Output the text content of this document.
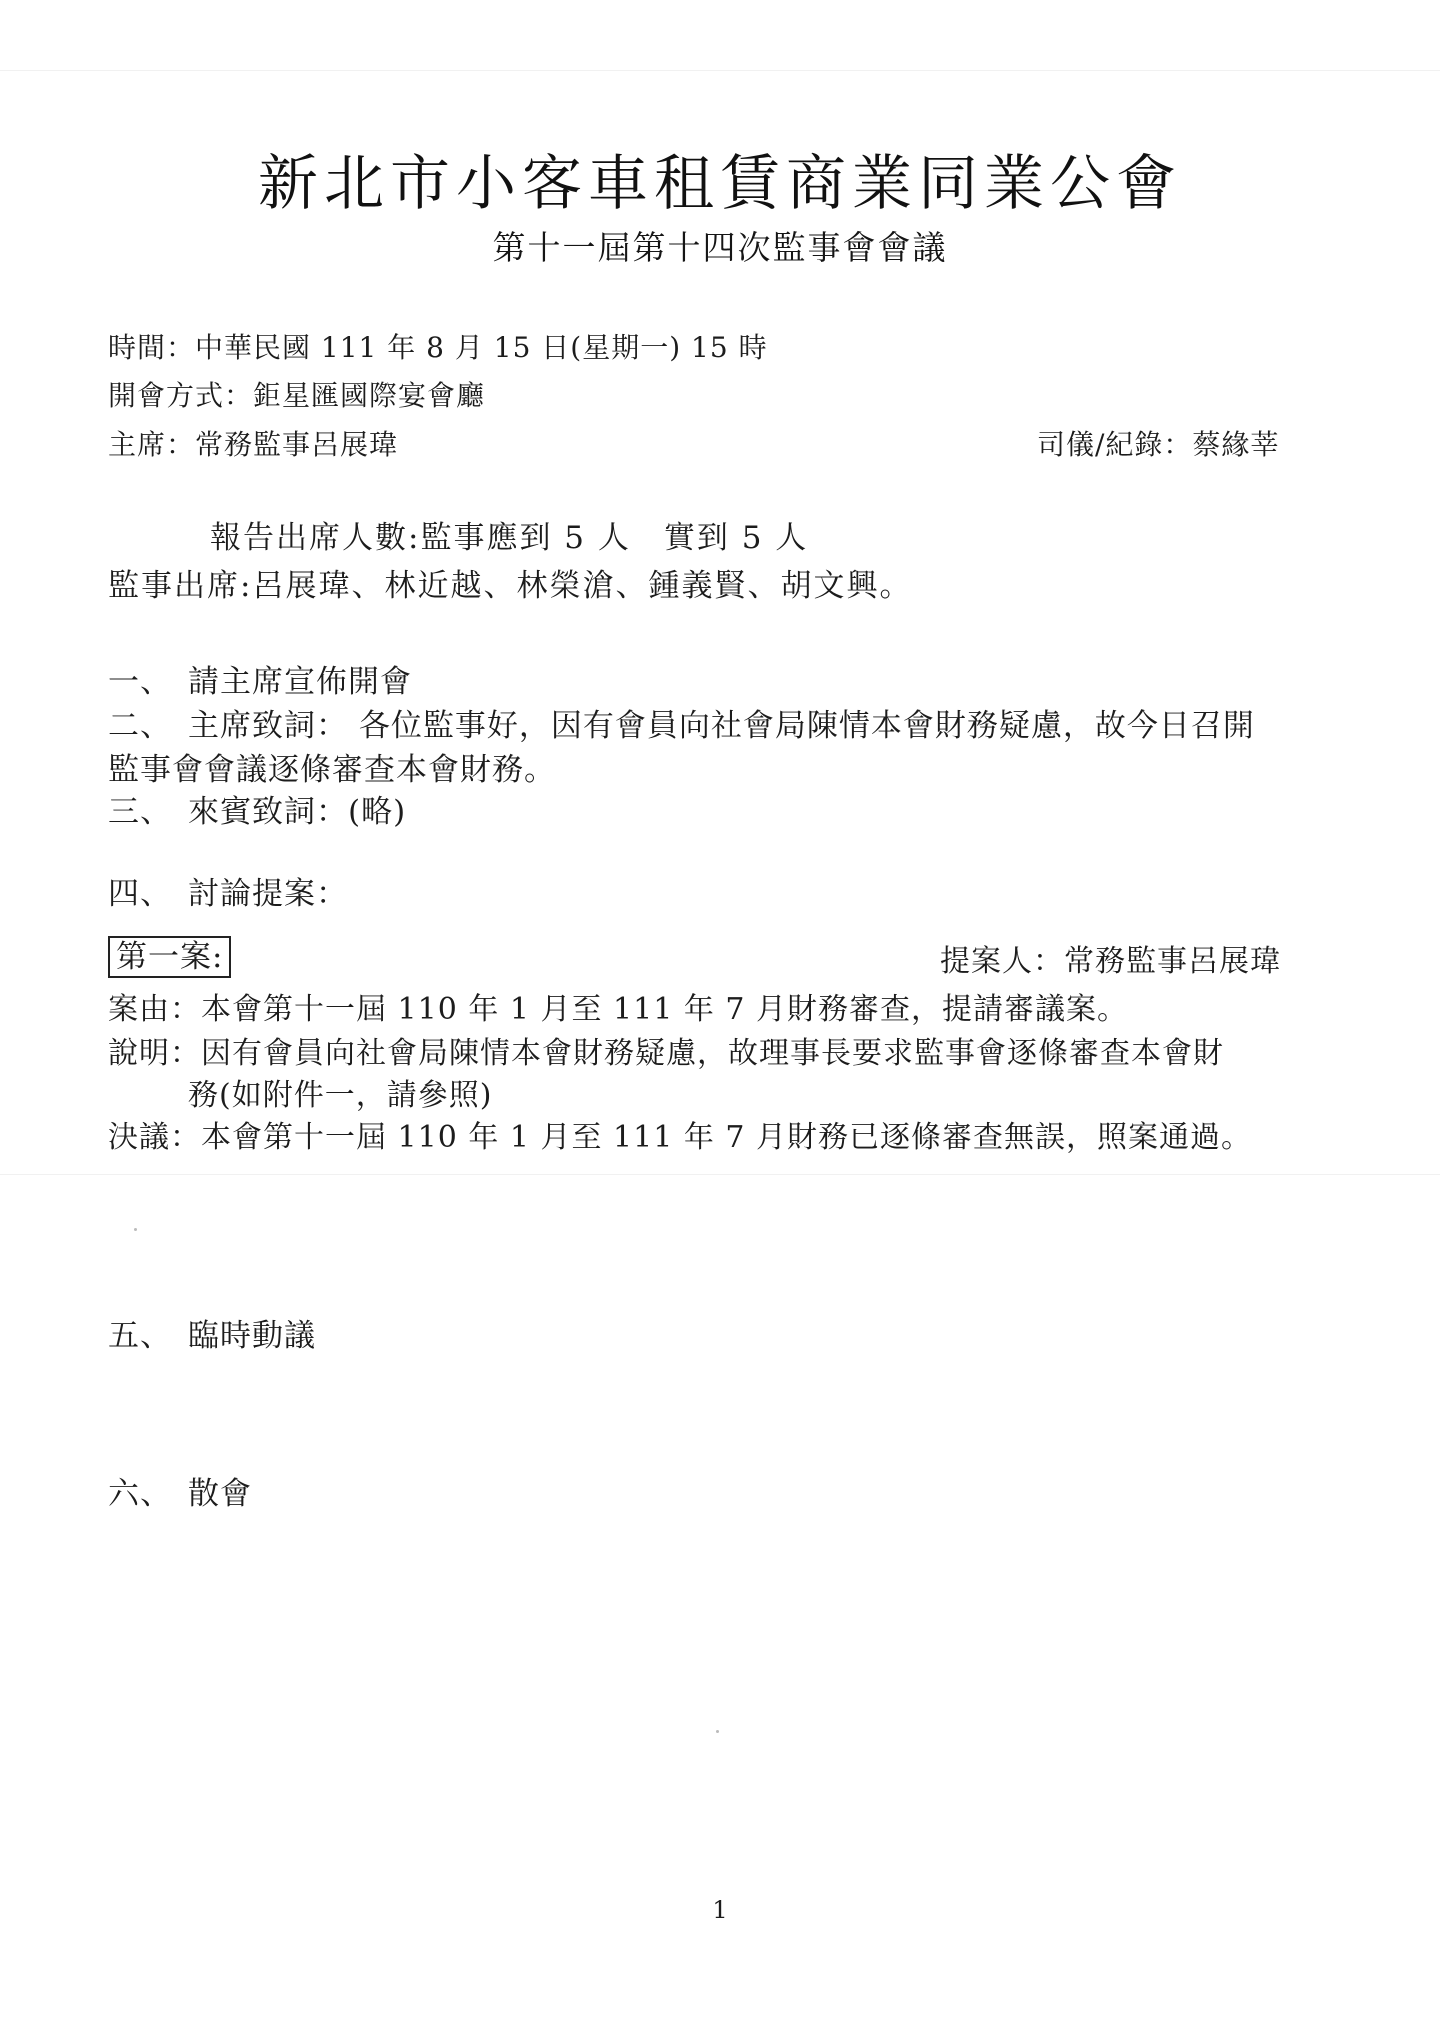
新北市小客車租賃商業同業公會
第十一屆第十四次監事會會議
時間：中華民國 111 年 8 月 15 日(星期一) 15 時
開會方式：鉅星匯國際宴會廳
主席：常務監事呂展瑋	司儀/紀錄：蔡緣莘
報告出席人數:監事應到 5 人　實到 5 人
監事出席:呂展瑋、林近越、林榮滄、鍾義賢、胡文興。
一、 請主席宣佈開會
二、 主席致詞： 各位監事好，因有會員向社會局陳情本會財務疑慮，故今日召開
監事會會議逐條審查本會財務。
三、 來賓致詞：(略)
四、 討論提案：
第一案:	提案人：常務監事呂展瑋
案由：本會第十一屆 110 年 1 月至 111 年 7 月財務審查，提請審議案。
說明：因有會員向社會局陳情本會財務疑慮，故理事長要求監事會逐條審查本會財
務(如附件一，請參照)
決議：本會第十一屆 110 年 1 月至 111 年 7 月財務已逐條審查無誤，照案通過。
五、 臨時動議
六、 散會
1
